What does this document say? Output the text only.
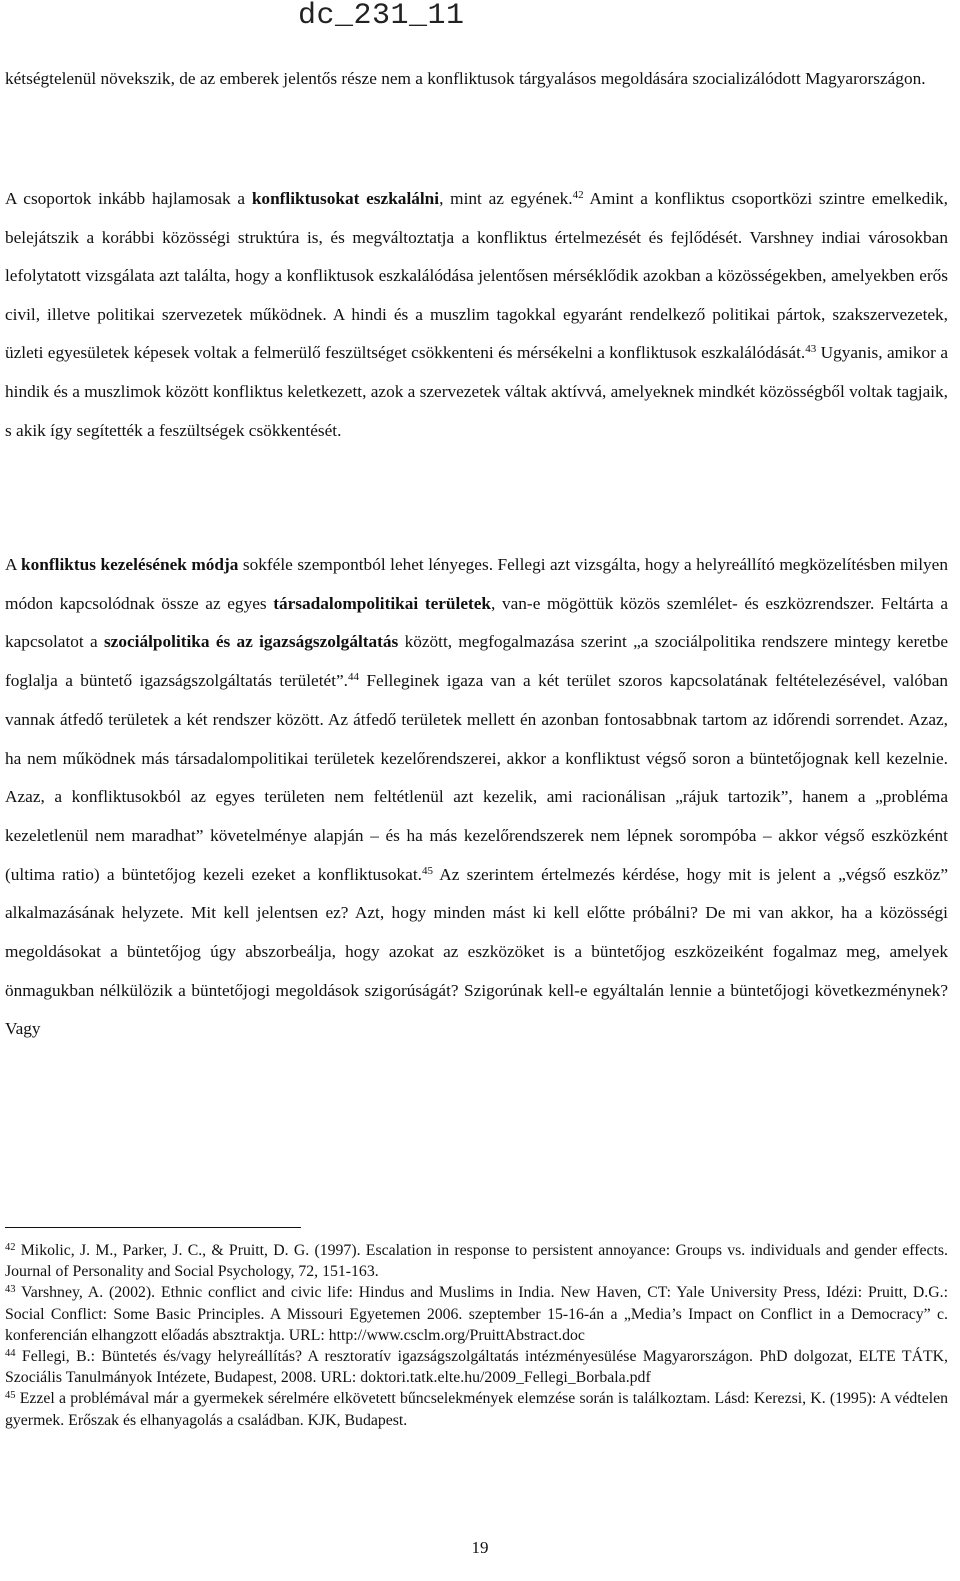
dc_231_11

kétségtelenül növekszik, de az emberek jelentős része nem a konfliktusok tárgyalásos megoldására szocializálódott Magyarországon.

A csoportok inkább hajlamosak a konfliktusokat eszkalálni, mint az egyének.$^{42}$ Amint a konfliktus csoportközi szintre emelkedik, belejátszik a korábbi közösségi struktúra is, és megváltoztatja a konfliktus értelmezését és fejlődését. Varshney indiai városokban lefolytatott vizsgálata azt találta, hogy a konfliktusok eszkalálódása jelentősen mérséklődik azokban a közösségekben, amelyekben erős civil, illetve politikai szervezetek működnek. A hindi és a muszlim tagokkal egyaránt rendelkező politikai pártok, szakszervezetek, üzleti egyesületek képesek voltak a felmerülő feszültséget csökkenteni és mérsékelni a konfliktusok eszkalálódását.$^{43}$ Ugyanis, amikor a hindik és a muszlimok között konfliktus keletkezett, azok a szervezetek váltak aktívvá, amelyeknek mindkét közösségből voltak tagjaik, s akik így segítették a feszültségek csökkentését.

A konfliktus kezelésének módja sokféle szempontból lehet lényeges. Fellegi azt vizsgálta, hogy a helyreállító megközelítésben milyen módon kapcsolódnak össze az egyes társadalompolitikai területek, van-e mögöttük közös szemlélet- és eszközrendszer. Feltárta a kapcsolatot a szociálpolitika és az igazságszolgáltatás között, megfogalmazása szerint „a szociálpolitika rendszere mintegy keretbe foglalja a büntető igazságszolgáltatás területét”.$^{44}$ Felleginek igaza van a két terület szoros kapcsolatának feltételezésével, valóban vannak átfedő területek a két rendszer között. Az átfedő területek mellett én azonban fontosabbnak tartom az időrendi sorrendet. Azaz, ha nem működnek más társadalompolitikai területek kezelőrendszerei, akkor a konfliktust végső soron a büntetőjognak kell kezelnie. Azaz, a konfliktusokból az egyes területen nem feltétlenül azt kezelik, ami racionálisan „rájuk tartozik”, hanem a „probléma kezeletlenül nem maradhat” követelménye alapján – és ha más kezelőrendszerek nem lépnek sorompóba – akkor végső eszközként (ultima ratio) a büntetőjog kezeli ezeket a konfliktusokat.$^{45}$ Az szerintem értelmezés kérdése, hogy mit is jelent a „végső eszköz” alkalmazásának helyzete. Mit kell jelentsen ez? Azt, hogy minden mást ki kell előtte próbálni? De mi van akkor, ha a közösségi megoldásokat a büntetőjog úgy abszorbeálja, hogy azokat az eszközöket is a büntetőjog eszközeiként fogalmaz meg, amelyek önmagukban nélkülözik a büntetőjogi megoldások szigorúságát? Szigorúnak kell-e egyáltalán lennie a büntetőjogi következménynek? Vagy

$^{42}$ Mikolic, J. M., Parker, J. C., & Pruitt, D. G. (1997). Escalation in response to persistent annoyance: Groups vs. individuals and gender effects. Journal of Personality and Social Psychology, 72, 151-163.

$^{43}$ Varshney, A. (2002). Ethnic conflict and civic life: Hindus and Muslims in India. New Haven, CT: Yale University Press, Idézi: Pruitt, D.G.: Social Conflict: Some Basic Principles. A Missouri Egyetemen 2006. szeptember 15-16-án a „Media’s Impact on Conflict in a Democracy” c. konferencián elhangzott előadás absztraktja. URL: http://www.csclm.org/PruittAbstract.doc

$^{44}$ Fellegi, B.: Büntetés és/vagy helyreállítás? A resztoratív igazságszolgáltatás intézményesülése Magyarországon. PhD dolgozat, ELTE TÁTK, Szociális Tanulmányok Intézete, Budapest, 2008. URL: doktori.tatk.elte.hu/2009_Fellegi_Borbala.pdf

$^{45}$ Ezzel a problémával már a gyermekek sérelmére elkövetett bűncselekmények elemzése során is találkoztam. Lásd: Kerezsi, K. (1995): A védtelen gyermek. Erőszak és elhanyagolás a családban. KJK, Budapest.

19
